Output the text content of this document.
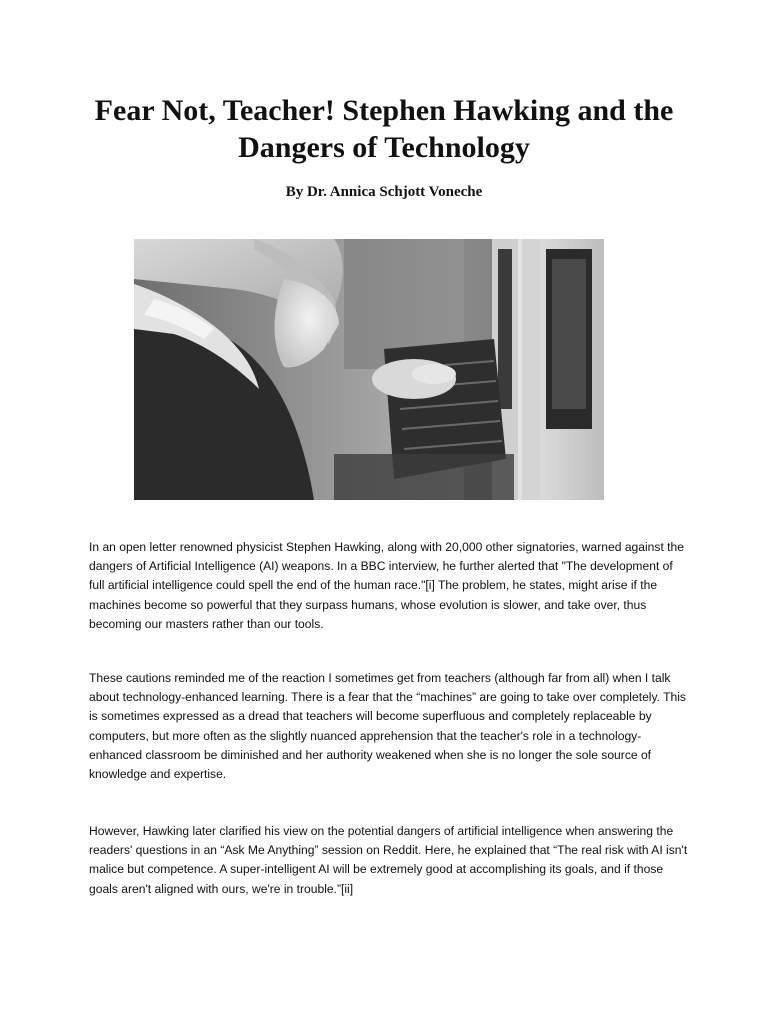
Fear Not, Teacher! Stephen Hawking and the Dangers of Technology

By Dr. Annica Schjott Voneche

In an open letter renowned physicist Stephen Hawking, along with 20,000 other signatories, warned against the dangers of Artificial Intelligence (AI) weapons. In a BBC interview, he further alerted that "The development of full artificial intelligence could spell the end of the human race."[i] The problem, he states, might arise if the machines become so powerful that they surpass humans, whose evolution is slower, and take over, thus becoming our masters rather than our tools.

These cautions reminded me of the reaction I sometimes get from teachers (although far from all) when I talk about technology-enhanced learning. There is a fear that the “machines” are going to take over completely. This is sometimes expressed as a dread that teachers will become superfluous and completely replaceable by computers, but more often as the slightly nuanced apprehension that the teacher's role in a technology-enhanced classroom be diminished and her authority weakened when she is no longer the sole source of knowledge and expertise.

However, Hawking later clarified his view on the potential dangers of artificial intelligence when answering the readers' questions in an “Ask Me Anything” session on Reddit. Here, he explained that “The real risk with AI isn't malice but competence. A super-intelligent AI will be extremely good at accomplishing its goals, and if those goals aren't aligned with ours, we're in trouble.”[ii]
